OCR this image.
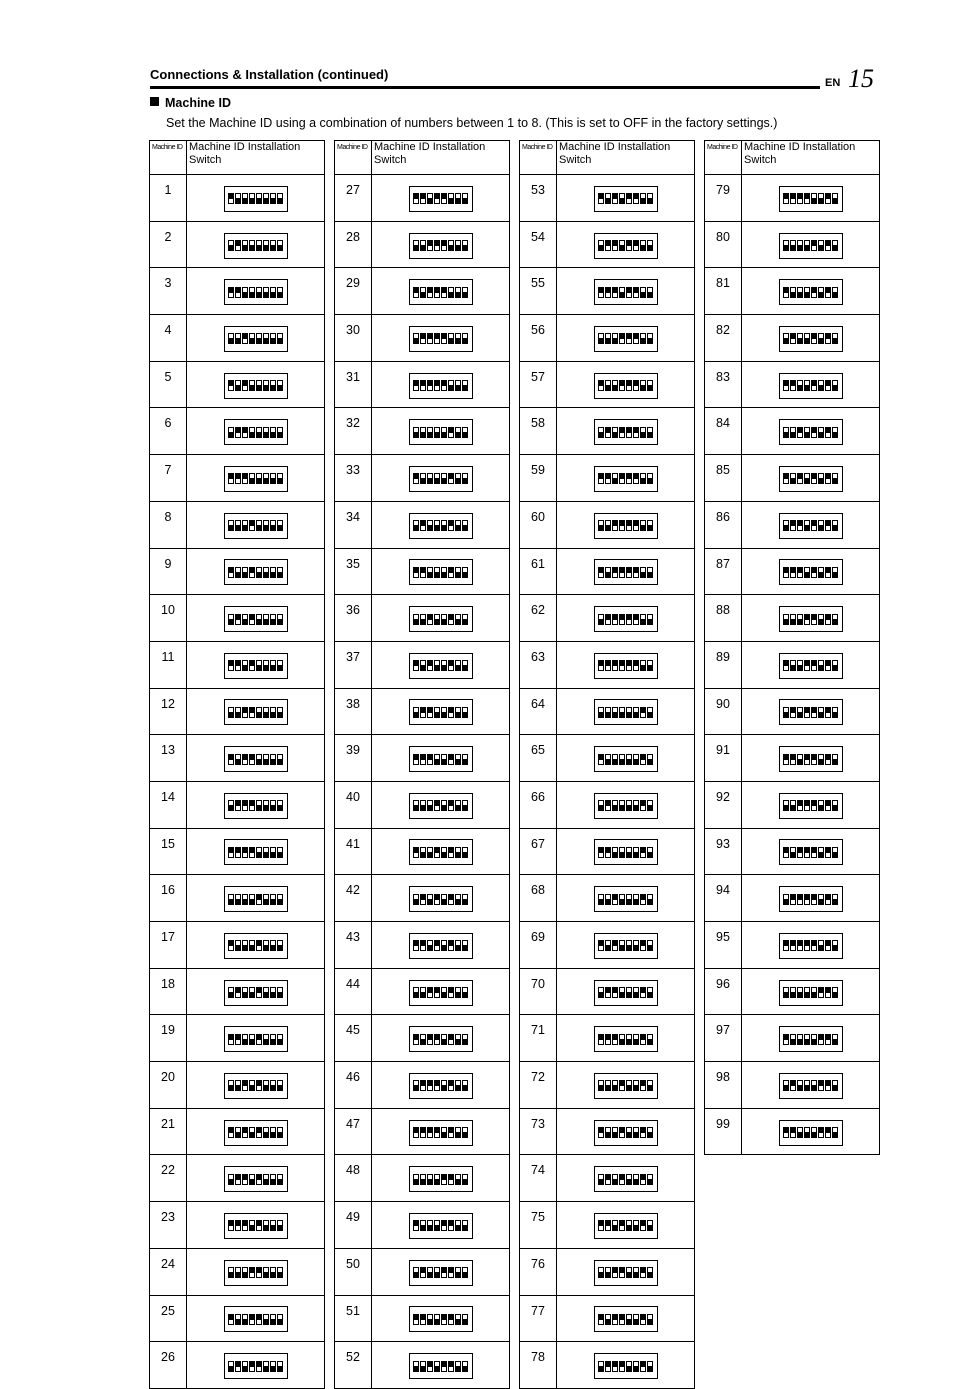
Connections & Installation (continued)
EN 15
Machine ID
Set the Machine ID using a combination of numbers between 1 to 8. (This is set to OFF in the factory settings.)
Machine ID	Machine ID Installation Switch
1	

2	

3	

4	

5	

6	

7	

8	

9	

10	

11	

12	

13	

14	

15	

16	

17	

18	

19	

20	

21	

22	

23	

24	

25	

26	
Machine ID	Machine ID Installation Switch
27	

28	

29	

30	

31	

32	

33	

34	

35	

36	

37	

38	

39	

40	

41	

42	

43	

44	

45	

46	

47	

48	

49	

50	

51	

52	
Machine ID	Machine ID Installation Switch
53	

54	

55	

56	

57	

58	

59	

60	

61	

62	

63	

64	

65	

66	

67	

68	

69	

70	

71	

72	

73	

74	

75	

76	

77	

78	
Machine ID	Machine ID Installation Switch
79	

80	

81	

82	

83	

84	

85	

86	

87	

88	

89	

90	

91	

92	

93	

94	

95	

96	

97	

98	

99	
